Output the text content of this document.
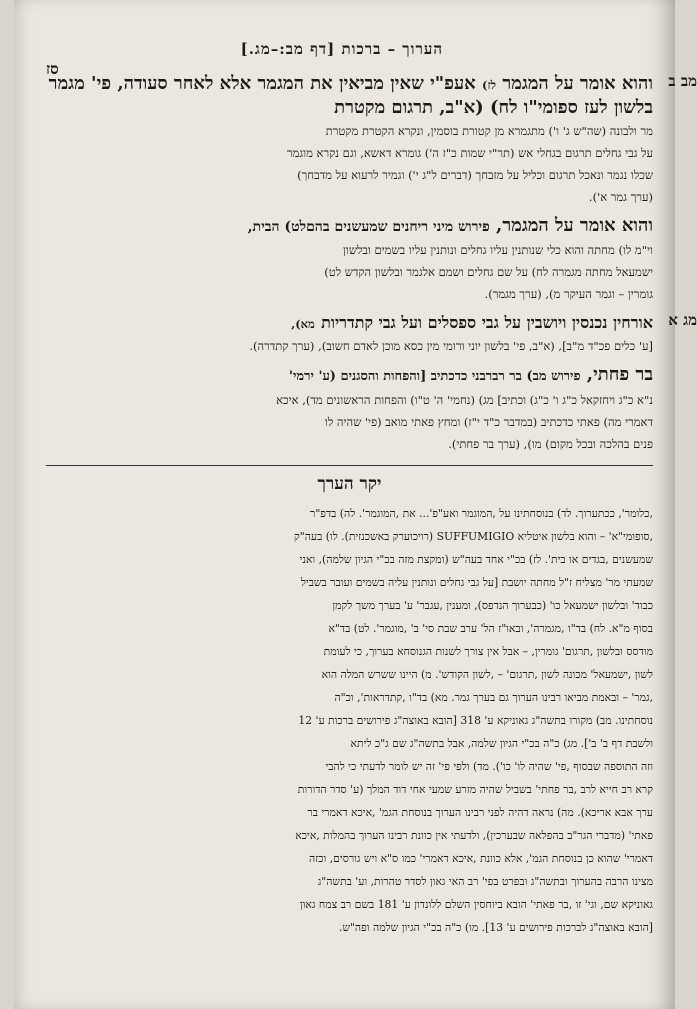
הערוך – ברכות [דף מב:–מג.]
סז
מב ב
והוא אומר על המגמר לז) אעפ"י שאין מביאין את המגמר אלא לאחר סעודה, פי' מגמר בלשון לעז ספומי"ו לח) (א"ב, תרגום מקטרת
מר ולבונה (שה"ש ג' ו') מתגמרא מן קטורת בוסמין, ונקרא הקטרת מקטרת
על גבי גחלים תרגום בגחלי אש (תר"י שמות כ"ז ה') גומרא דאשא, וגם נקרא מוגמר
שכלו נגמר ונאכל תרגום וכליל על מזבחך (דברים ל"ג י') וגמיר לרעוא על מדבחך)
(ערך גמר א').
והוא אומר על המגמר, פירוש מיני ריחנים שמעשנים בהםלט) הבית,
וי"מ לו) מחתה והוא כלי שנותנין עליו גחלים ונותנין עליו בשמים ובלשון
ישמעאל מחתה מגמרה לח) על שם גחלים ושמם אלגמר ובלשון הקדש לט)
גומרין – וגמר העיקר מ), (ערך מגמר).
מג א
אורחין נכנסין ויושבין על גבי ספסלים ועל גבי קתדריות מא),
[ע' כלים פכ"ד מ"ב], (א"ב, פי' בלשון יוני ורומי מין כסא מוכן לאדם חשוב), (ערך קתדרה).
בר פחתי, פירוש מב) בר רברבני כדכתיב [והפחות והסגנים (ע' ירמי'
נ"א כ"ג ויחזקאל כ"ג ו' כ"ג) וכתיב] מג) (נחמי' ה' ט"ו) והפחות הראשונים מד), איכא
דאמרי מה) פאתי כדכתיב (במדבר כ"ד י"ז) ומחץ פאתי מואב (פי' שהיה לו
פנים בהלכה ובכל מקום) מו), (ערך בר פחתי).
יקר הערך

,כלומר', ככתערוך. לד) בנוסחתינו על ,המוגמר ואע"פ'... את ,המוגמר'. לה) בדפ"ר

,סופומי"א' – והוא בלשון איטליא SUFFUMIGIO (רויכוערק באשכנזית). לו) בעה"ק

שמעשנים ,בגדים או בית'. לז) בכ"י אחד בעה"ש (ומקצת מזה בכ"י הגיון שלמה), ואני

שמעתי מר' מצליח ז"ל מחתה יושבת [על גבי גחלים ונותנין עליה בשמים ועובר בשביל

כבוד' ובלשון ישמעאל כו' (כבערוך הנדפס), ומענין ,עגבר' ע' בערך משך לקמן

בסוף מ"א. לח) בד"ו ,מגמרה', ובאו"ז הל' ערב שבת סי' ב' ,מוגמר'. לט) בד"א

מודסס ובלשון ,תרגום' גומרין, – אבל אין צורך לשנות הגנוסחא בערוך, כי לעומת

לשון ,ישמעאל' מכונה לשון ,תרגום' – ,לשון הקודש'. מ) היינו ששרש המלה הוא

,גמר' – ובאמת מביאו רבינו הערוך גם בערך גמר. מא) בד"ו ,קתדראות', וכ"ה

נוסחתינו. מב) מקורו בתשה"ג גאוניקא ע' 318 [הובא באוצה"ג פירושים ברכות ע' 12

ולשבת דף ב' ב']. מג) כ"ה בכ"י הגיון שלמה, אבל בתשה"ג שם ג"כ ליתא

וזה התוספה שבסוף ,פי' שהיה לו' כו'). מד) ולפי פי' זה יש לומר לדעתי כי להבי

קרא רב חייא לרב ,בר פחתי' בשביל שהיה מזרע שמעי אחי דוד המלך (ע' סדר הדורות

ערך אבא אריכא). מה) נראה דהיה לפני רבינו הערוך בנוסחת הגמ' ,איכא דאמרי בר

פאתי' (מדברי הגר"ב בהפלאה שבערכין), ולדעתי אין כוונת רבינו הערוך בהמלות ,איכא

דאמרי' שהוא כן בנוסחת הגמ', אלא כוונת ,איכא דאמרי' כמו ס"א ויש גורסים, וכזה

מצינו הרבה בהערוך ובתשה"ג ובפרט בפי' רב האי גאון לסדר טהרות, וע' בתשה"ג

גאוניקא שם, וגי' זו ,בר פאתי' הובא ביוחסין השלם ללונדון ע' 181 בשם רב צמח גאון

[הובא באוצה"ג לברכות פירושים ע' 13]. מו) כ"ה בכ"י הגיון שלמה ופה"ש.
